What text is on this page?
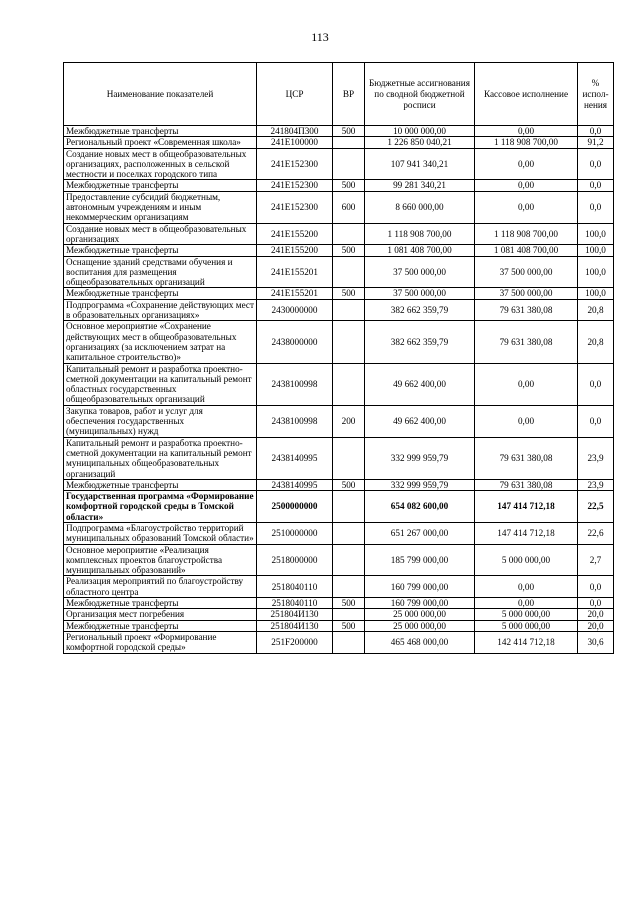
113
Наименование показателей	ЦСР	ВР	Бюджетные ассигнования по сводной бюджетной росписи	Кассовое исполнение	% испол-нения
Межбюджетные трансферты	241804П300	500	10 000 000,00	0,00	0,0
Региональный проект «Современная школа»	241E100000		1 226 850 040,21	1 118 908 700,00	91,2
Создание новых мест в общеобразовательных организациях, расположенных в сельской местности и поселках городского типа	241E152300		107 941 340,21	0,00	0,0
Межбюджетные трансферты	241E152300	500	99 281 340,21	0,00	0,0
Предоставление субсидий бюджетным, автономным учреждениям и иным некоммерческим организациям	241E152300	600	8 660 000,00	0,00	0,0
Создание новых мест в общеобразовательных организациях	241E155200		1 118 908 700,00	1 118 908 700,00	100,0
Межбюджетные трансферты	241E155200	500	1 081 408 700,00	1 081 408 700,00	100,0
Оснащение зданий средствами обучения и воспитания для размещения общеобразовательных организаций	241E155201		37 500 000,00	37 500 000,00	100,0
Межбюджетные трансферты	241E155201	500	37 500 000,00	37 500 000,00	100,0
Подпрограмма «Сохранение действующих мест в образовательных организациях»	2430000000		382 662 359,79	79 631 380,08	20,8
Основное мероприятие «Сохранение действующих мест в общеобразовательных организациях (за исключением затрат на капитальное строительство)»	2438000000		382 662 359,79	79 631 380,08	20,8
Капитальный ремонт и разработка проектно-сметной документации на капитальный ремонт областных государственных общеобразовательных организаций	2438100998		49 662 400,00	0,00	0,0
Закупка товаров, работ и услуг для обеспечения государственных (муниципальных) нужд	2438100998	200	49 662 400,00	0,00	0,0
Капитальный ремонт и разработка проектно-сметной документации на капитальный ремонт муниципальных общеобразовательных организаций	2438140995		332 999 959,79	79 631 380,08	23,9
Межбюджетные трансферты	2438140995	500	332 999 959,79	79 631 380,08	23,9
Государственная программа «Формирование комфортной городской среды в Томской области»	2500000000		654 082 600,00	147 414 712,18	22,5
Подпрограмма «Благоустройство территорий муниципальных образований Томской области»	2510000000		651 267 000,00	147 414 712,18	22,6
Основное мероприятие «Реализация комплексных проектов благоустройства муниципальных образований»	2518000000		185 799 000,00	5 000 000,00	2,7
Реализация мероприятий по благоустройству областного центра	2518040110		160 799 000,00	0,00	0,0
Межбюджетные трансферты	2518040110	500	160 799 000,00	0,00	0,0
Организация мест погребения	251804И130		25 000 000,00	5 000 000,00	20,0
Межбюджетные трансферты	251804И130	500	25 000 000,00	5 000 000,00	20,0
Региональный проект «Формирование комфортной городской среды»	251F200000		465 468 000,00	142 414 712,18	30,6
